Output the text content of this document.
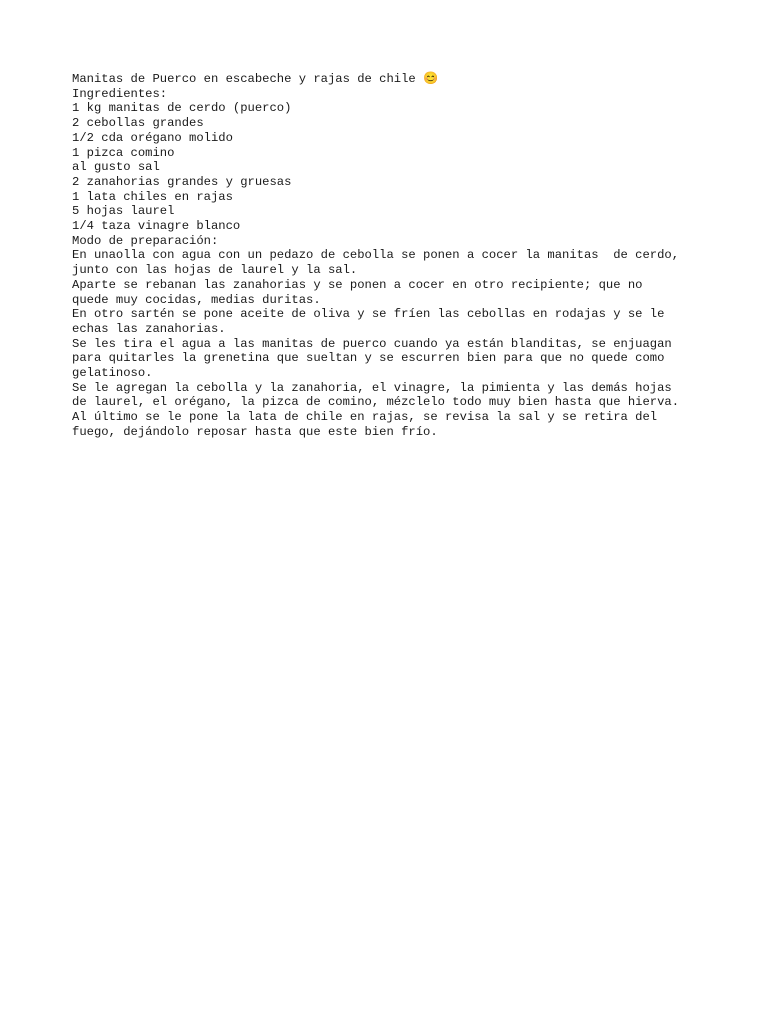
Manitas de Puerco en escabeche y rajas de chile 😊

Ingredientes:

1 kg manitas de cerdo (puerco)

2 cebollas grandes

1/2 cda orégano molido

1 pizca comino

al gusto sal

2 zanahorias grandes y gruesas

1 lata chiles en rajas

5 hojas laurel

1/4 taza vinagre blanco

Modo de preparación:

En unaolla con agua con un pedazo de cebolla se ponen a cocer la manitas  de cerdo,
junto con las hojas de laurel y la sal.

Aparte se rebanan las zanahorias y se ponen a cocer en otro recipiente; que no
quede muy cocidas, medias duritas.

En otro sartén se pone aceite de oliva y se fríen las cebollas en rodajas y se le
echas las zanahorias.

Se les tira el agua a las manitas de puerco cuando ya están blanditas, se enjuagan
para quitarles la grenetina que sueltan y se escurren bien para que no quede como
gelatinoso.

Se le agregan la cebolla y la zanahoria, el vinagre, la pimienta y las demás hojas
de laurel, el orégano, la pizca de comino, mézclelo todo muy bien hasta que hierva.

Al último se le pone la lata de chile en rajas, se revisa la sal y se retira del
fuego, dejándolo reposar hasta que este bien frío.
